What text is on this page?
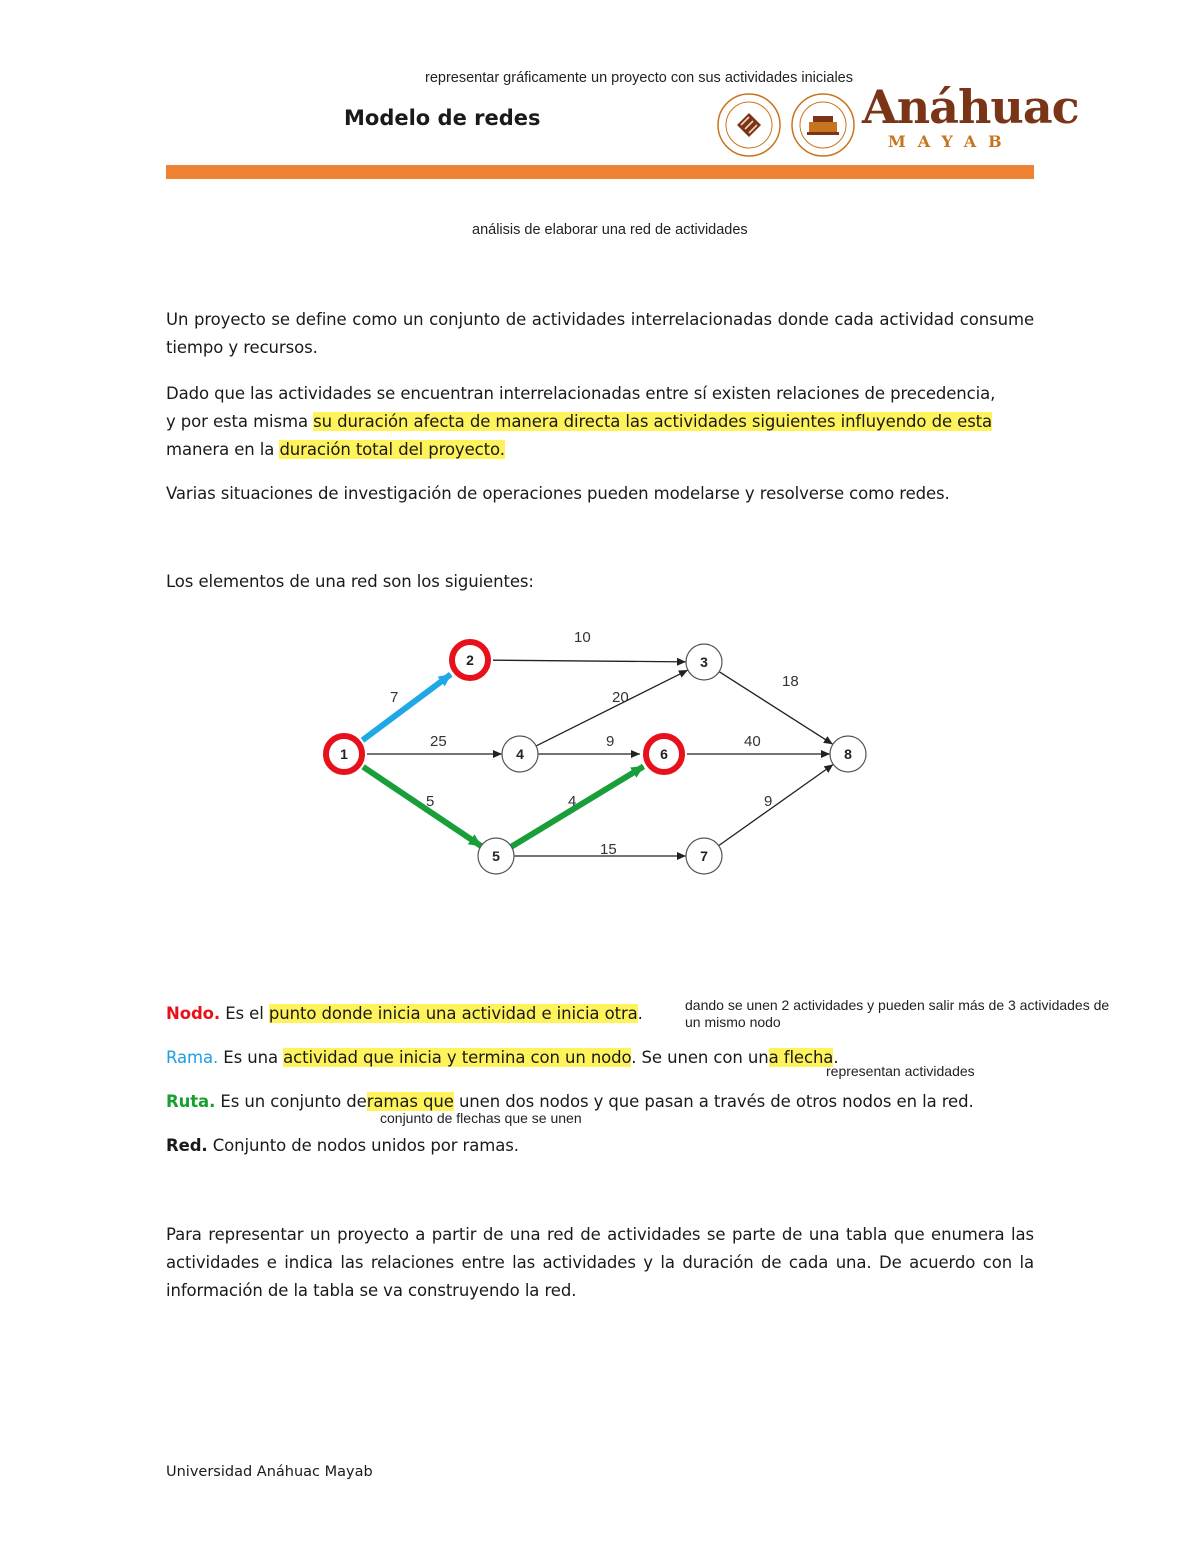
representar gráficamente un proyecto con sus actividades iniciales
Modelo de redes	Anáhuac
MAYAB
análisis de elaborar una red de actividades
Un proyecto se define como un conjunto de actividades interrelacionadas donde cada actividad consume tiempo y recursos.
Dado que las actividades se encuentran interrelacionadas entre sí existen relaciones de precedencia,
y por esta misma su duración afecta de manera directa las actividades siguientes influyendo de esta
manera en la duración total del proyecto.
Varias situaciones de investigación de operaciones pueden modelarse y resolverse como redes.
Los elementos de una red son los siguientes:
7
25
5
10
20
9
4
15
18
40
9
1
2	3
4
5
6
7
8
Nodo. Es el punto donde inicia una actividad e inicia otra.	dando se unen 2 actividades y pueden salir más de 3 actividades de
un mismo nodo
Rama. Es una actividad que inicia y termina con un nodo. Se unen con una flecha.
representan actividades
Ruta. Es un conjunto deramas que unen dos nodos y que pasan a través de otros nodos en la red.
conjunto de flechas que se unen
Red. Conjunto de nodos unidos por ramas.
Para representar un proyecto a partir de una red de actividades se parte de una tabla que enumera las actividades e indica las relaciones entre las actividades y la duración de cada una. De acuerdo con la información de la tabla se va construyendo la red.
Universidad Anáhuac Mayab
